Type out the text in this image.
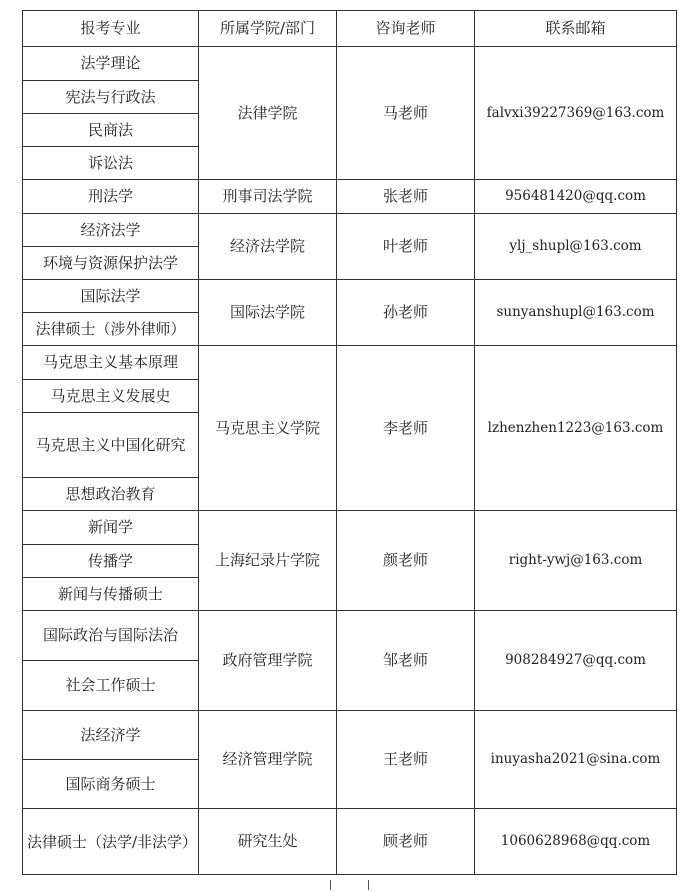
报考专业	所属学院/部门	咨询老师	联系邮箱
法学理论	法律学院	马老师	falvxi39227369@163.com
宪法与行政法			
民商法			
诉讼法			
刑法学	刑事司法学院	张老师	956481420@qq.com
经济法学	经济法学院	叶老师	ylj_shupl@163.com
环境与资源保护法学			
国际法学	国际法学院	孙老师	sunyanshupl@163.com
法律硕士（涉外律师）			
马克思主义基本原理	马克思主义学院	李老师	lzhenzhen1223@163.com
马克思主义发展史			
马克思主义中国化研究			
思想政治教育			
新闻学	上海纪录片学院	颜老师	right-ywj@163.com
传播学			
新闻与传播硕士			
国际政治与国际法治	政府管理学院	邹老师	908284927@qq.com
社会工作硕士			
法经济学	经济管理学院	王老师	inuyasha2021@sina.com
国际商务硕士			
法律硕士（法学/非法学）	研究生处	顾老师	1060628968@qq.com
